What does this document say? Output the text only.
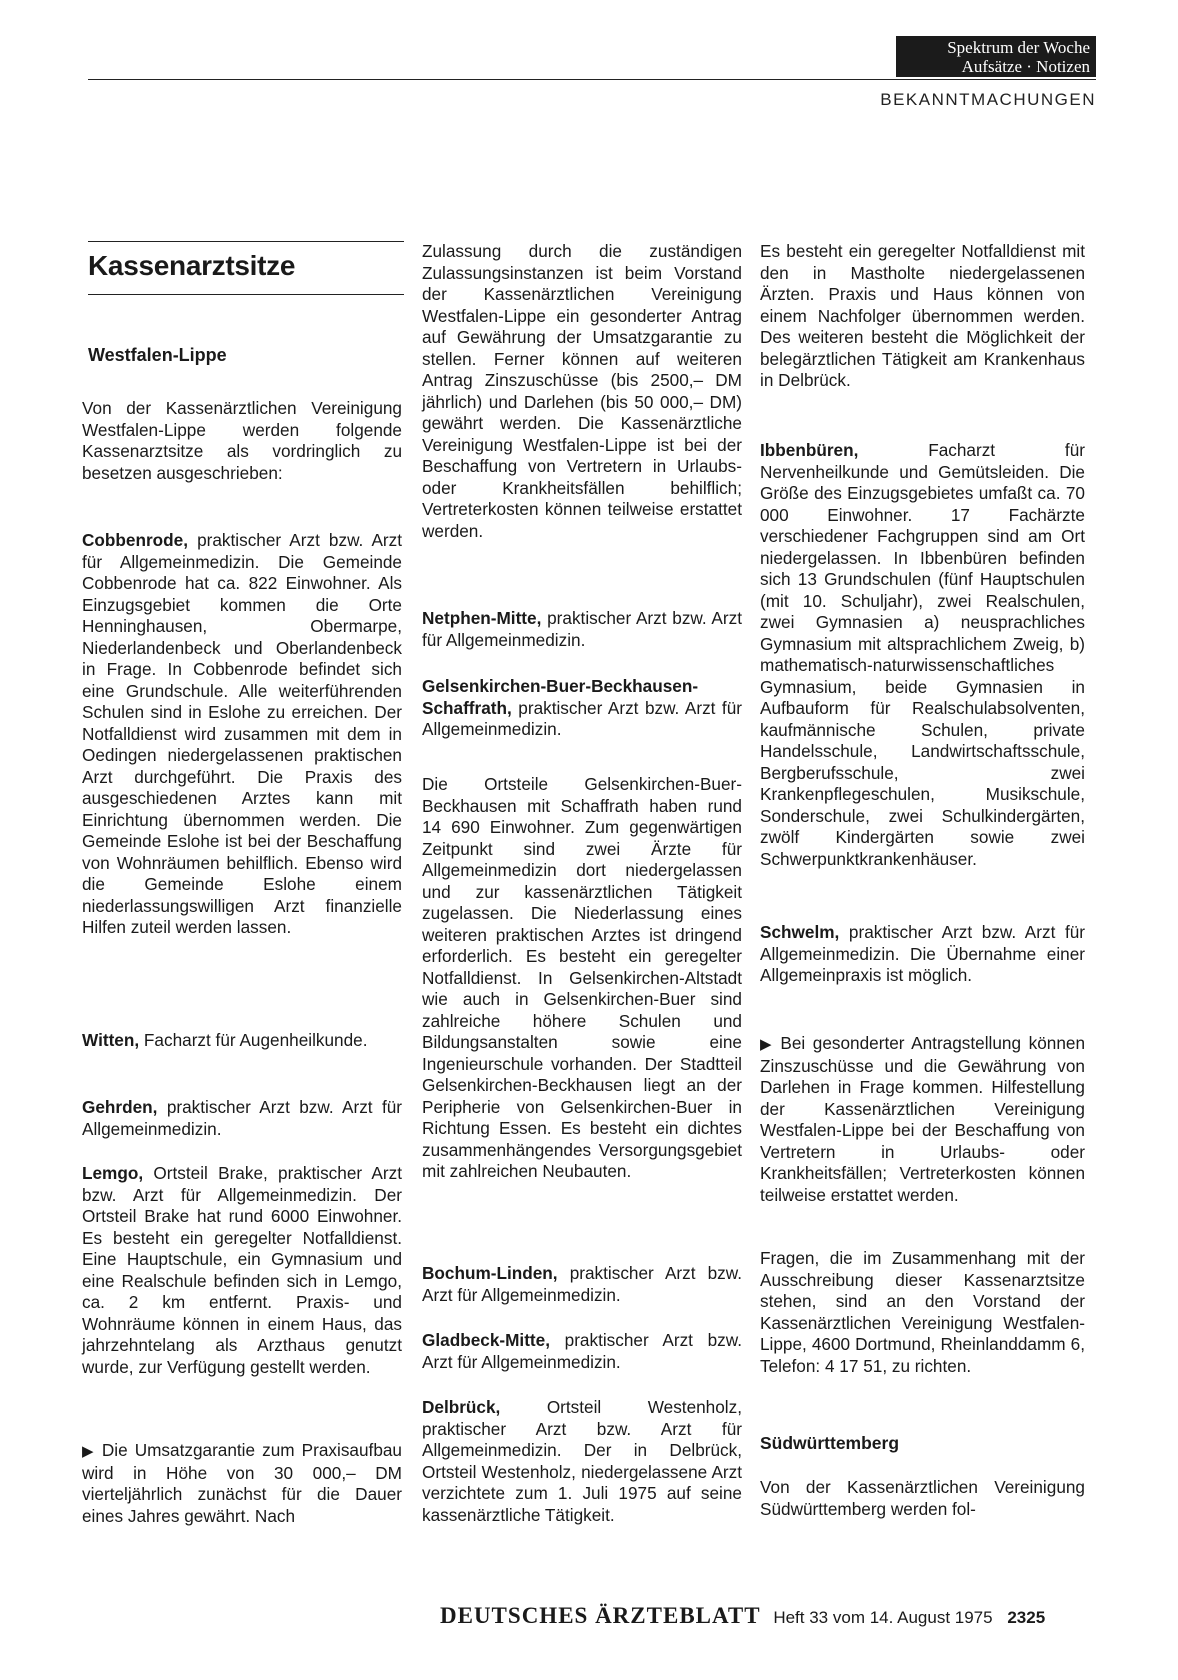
Spektrum der Woche
Aufsätze · Notizen
BEKANNTMACHUNGEN
Kassenarztsitze
Westfalen-Lippe

Von der Kassenärztlichen Vereinigung Westfalen-Lippe werden folgende Kassenarztsitze als vordringlich zu besetzen ausgeschrieben:

Cobbenrode, praktischer Arzt bzw. Arzt für Allgemeinmedizin. Die Gemeinde Cobbenrode hat ca. 822 Einwohner. Als Einzugsgebiet kommen die Orte Henninghausen, Obermarpe, Niederlandenbeck und Oberlandenbeck in Frage. In Cobbenrode befindet sich eine Grundschule. Alle weiterführenden Schulen sind in Eslohe zu erreichen. Der Notfalldienst wird zusammen mit dem in Oedingen niedergelassenen praktischen Arzt durchgeführt. Die Praxis des ausgeschiedenen Arztes kann mit Einrichtung übernommen werden. Die Gemeinde Eslohe ist bei der Beschaffung von Wohnräumen behilflich. Ebenso wird die Gemeinde Eslohe einem niederlassungswilligen Arzt finanzielle Hilfen zuteil werden lassen.

Witten, Facharzt für Augenheilkunde.

Gehrden, praktischer Arzt bzw. Arzt für Allgemeinmedizin.

Lemgo, Ortsteil Brake, praktischer Arzt bzw. Arzt für Allgemeinmedizin. Der Ortsteil Brake hat rund 6000 Einwohner. Es besteht ein geregelter Notfalldienst. Eine Hauptschule, ein Gymnasium und eine Realschule befinden sich in Lemgo, ca. 2 km entfernt. Praxis- und Wohnräume können in einem Haus, das jahrzehntelang als Arzthaus genutzt wurde, zur Verfügung gestellt werden.

▶ Die Umsatzgarantie zum Praxisaufbau wird in Höhe von 30 000,– DM vierteljährlich zunächst für die Dauer eines Jahres gewährt. Nach

Zulassung durch die zuständigen Zulassungsinstanzen ist beim Vorstand der Kassenärztlichen Vereinigung Westfalen-Lippe ein gesonderter Antrag auf Gewährung der Umsatzgarantie zu stellen. Ferner können auf weiteren Antrag Zinszuschüsse (bis 2500,– DM jährlich) und Darlehen (bis 50 000,– DM) gewährt werden. Die Kassenärztliche Vereinigung Westfalen-Lippe ist bei der Beschaffung von Vertretern in Urlaubs- oder Krankheitsfällen behilflich; Vertreterkosten können teilweise erstattet werden.

Netphen-Mitte, praktischer Arzt bzw. Arzt für Allgemeinmedizin.

Gelsenkirchen-Buer-Beckhausen-Schaffrath, praktischer Arzt bzw. Arzt für Allgemeinmedizin.

Die Ortsteile Gelsenkirchen-Buer-Beckhausen mit Schaffrath haben rund 14 690 Einwohner. Zum gegenwärtigen Zeitpunkt sind zwei Ärzte für Allgemeinmedizin dort niedergelassen und zur kassenärztlichen Tätigkeit zugelassen. Die Niederlassung eines weiteren praktischen Arztes ist dringend erforderlich. Es besteht ein geregelter Notfalldienst. In Gelsenkirchen-Altstadt wie auch in Gelsenkirchen-Buer sind zahlreiche höhere Schulen und Bildungsanstalten sowie eine Ingenieurschule vorhanden. Der Stadtteil Gelsenkirchen-Beckhausen liegt an der Peripherie von Gelsenkirchen-Buer in Richtung Essen. Es besteht ein dichtes zusammenhängendes Versorgungsgebiet mit zahlreichen Neubauten.

Bochum-Linden, praktischer Arzt bzw. Arzt für Allgemeinmedizin.

Gladbeck-Mitte, praktischer Arzt bzw. Arzt für Allgemeinmedizin.

Delbrück,	Ortsteil Westenholz, praktischer Arzt bzw. Arzt für Allgemeinmedizin. Der in Delbrück, Ortsteil Westenholz, niedergelassene Arzt verzichtete zum 1. Juli 1975 auf seine kassenärztliche Tätigkeit.

Es besteht ein geregelter Notfalldienst mit den in Mastholte niedergelassenen Ärzten. Praxis und Haus können von einem Nachfolger übernommen werden. Des weiteren besteht die Möglichkeit der belegärztlichen Tätigkeit am Krankenhaus in Delbrück.

Ibbenbüren,	Facharzt für Nervenheilkunde und Gemütsleiden. Die Größe des Einzugsgebietes umfaßt ca. 70 000 Einwohner. 17 Fachärzte verschiedener Fachgruppen sind am Ort niedergelassen. In Ibbenbüren befinden sich 13 Grundschulen (fünf Hauptschulen (mit 10. Schuljahr), zwei Realschulen, zwei Gymnasien a) neusprachliches Gymnasium mit altsprachlichem Zweig, b) mathematisch-naturwissenschaftliches Gymnasium, beide Gymnasien in Aufbauform für Realschulabsolventen, kaufmännische Schulen, private Handelsschule, Landwirtschaftsschule, Bergberufsschule, zwei Krankenpflegeschulen, Musikschule, Sonderschule, zwei Schulkindergärten, zwölf Kindergärten sowie zwei Schwerpunktkrankenhäuser.

Schwelm, praktischer Arzt bzw. Arzt für Allgemeinmedizin. Die Übernahme einer Allgemeinpraxis ist möglich.

▶ Bei gesonderter Antragstellung können Zinszuschüsse und die Gewährung von Darlehen in Frage kommen. Hilfestellung der Kassenärztlichen Vereinigung Westfalen-Lippe bei der Beschaffung von Vertretern in Urlaubs- oder Krankheitsfällen; Vertreterkosten können teilweise erstattet werden.

Fragen, die im Zusammenhang mit der Ausschreibung dieser Kassenarztsitze stehen, sind an den Vorstand der Kassenärztlichen Vereinigung Westfalen-Lippe, 4600 Dortmund, Rheinlanddamm 6, Telefon: 4 17 51, zu richten.

Südwürttemberg

Von der Kassenärztlichen Vereinigung Südwürttemberg werden fol-

DEUTSCHES ÄRZTEBLATT Heft 33 vom 14. August 1975 2325
